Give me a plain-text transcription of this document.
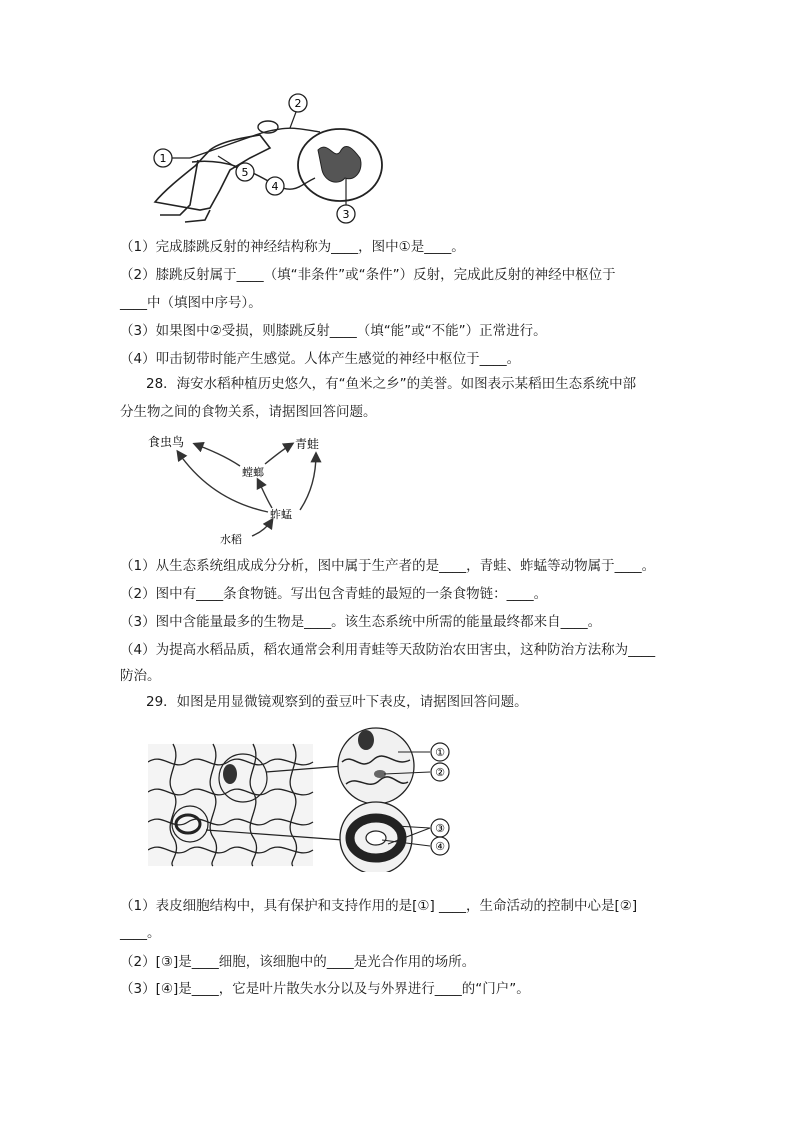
1
2
3
4
5
（1）完成膝跳反射的神经结构称为____，图中①是____。
（2）膝跳反射属于____（填“非条件”或“条件”）反射，完成此反射的神经中枢位于
____中（填图中序号）。
（3）如果图中②受损，则膝跳反射____（填“能”或“不能”）正常进行。
（4）叩击韧带时能产生感觉。人体产生感觉的神经中枢位于____。
28．海安水稻种植历史悠久，有“鱼米之乡”的美誉。如图表示某稻田生态系统中部
分生物之间的食物关系，请据图回答问题。
食虫鸟	青蛙
螳螂
蚱蜢
水稻
（1）从生态系统组成成分分析，图中属于生产者的是____，青蛙、蚱蜢等动物属于____。
（2）图中有____条食物链。写出包含青蛙的最短的一条食物链：____。
（3）图中含能量最多的生物是____。该生态系统中所需的能量最终都来自____。
（4）为提高水稻品质，稻农通常会利用青蛙等天敌防治农田害虫，这种防治方法称为____
防治。
29．如图是用显微镜观察到的蚕豆叶下表皮，请据图回答问题。
①
②
③
④
（1）表皮细胞结构中，具有保护和支持作用的是[①] ____，生命活动的控制中心是[②]
____。
（2）[③]是____细胞，该细胞中的____是光合作用的场所。
（3）[④]是____，它是叶片散失水分以及与外界进行____的“门户”。
